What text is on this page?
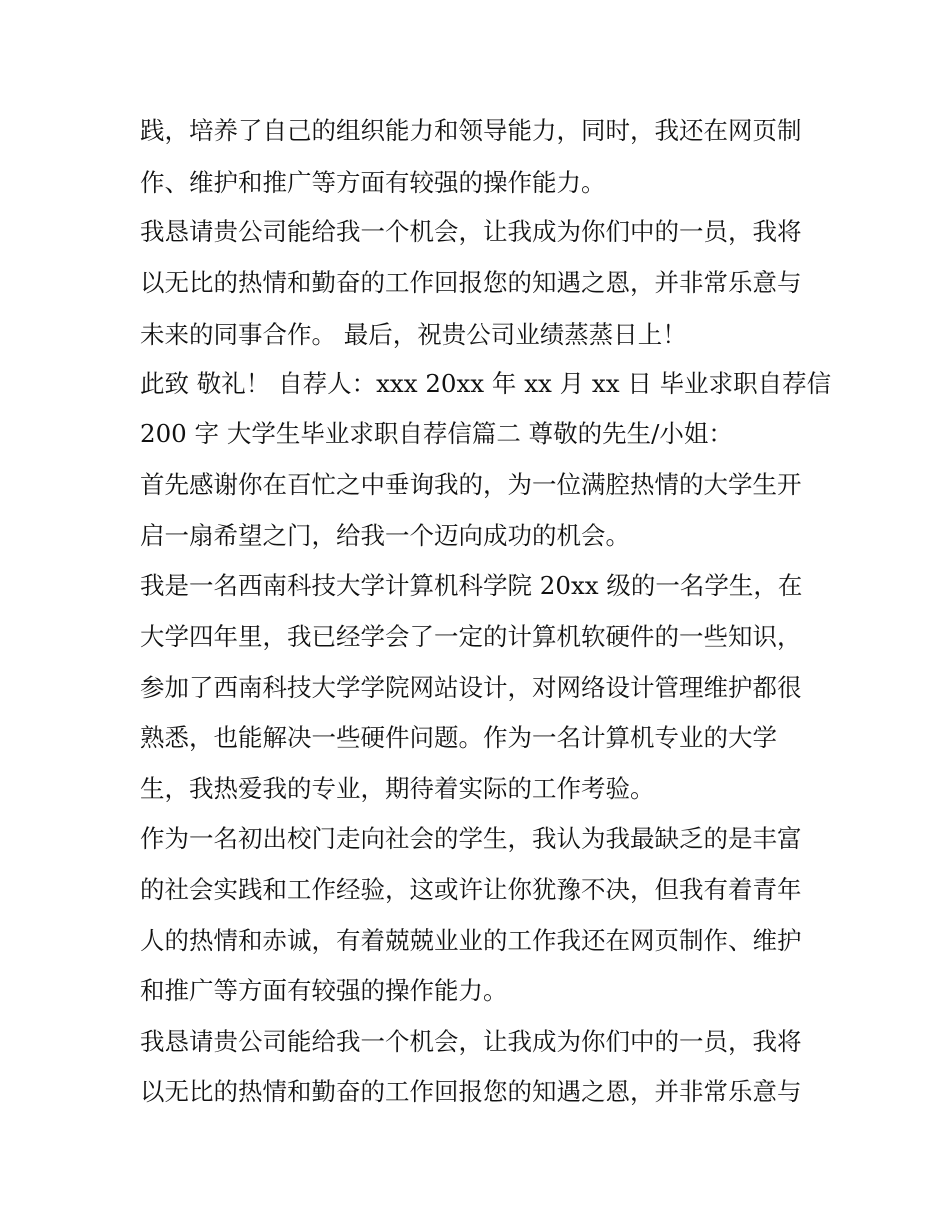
践，培养了自己的组织能力和领导能力，同时，我还在网页制
作、维护和推广等方面有较强的操作能力。
我恳请贵公司能给我一个机会，让我成为你们中的一员，我将
以无比的热情和勤奋的工作回报您的知遇之恩，并非常乐意与
未来的同事合作。 最后，祝贵公司业绩蒸蒸日上！
此致 敬礼！ 自荐人：xxx 20xx 年 xx 月 xx 日 毕业求职自荐信
200 字 大学生毕业求职自荐信篇二 尊敬的先生/小姐：
首先感谢你在百忙之中垂询我的，为一位满腔热情的大学生开
启一扇希望之门，给我一个迈向成功的机会。
我是一名西南科技大学计算机科学院 20xx 级的一名学生，在
大学四年里，我已经学会了一定的计算机软硬件的一些知识，
参加了西南科技大学学院网站设计，对网络设计管理维护都很
熟悉，也能解决一些硬件问题。作为一名计算机专业的大学
生，我热爱我的专业，期待着实际的工作考验。
作为一名初出校门走向社会的学生，我认为我最缺乏的是丰富
的社会实践和工作经验，这或许让你犹豫不决，但我有着青年
人的热情和赤诚，有着兢兢业业的工作我还在网页制作、维护
和推广等方面有较强的操作能力。
我恳请贵公司能给我一个机会，让我成为你们中的一员，我将
以无比的热情和勤奋的工作回报您的知遇之恩，并非常乐意与
